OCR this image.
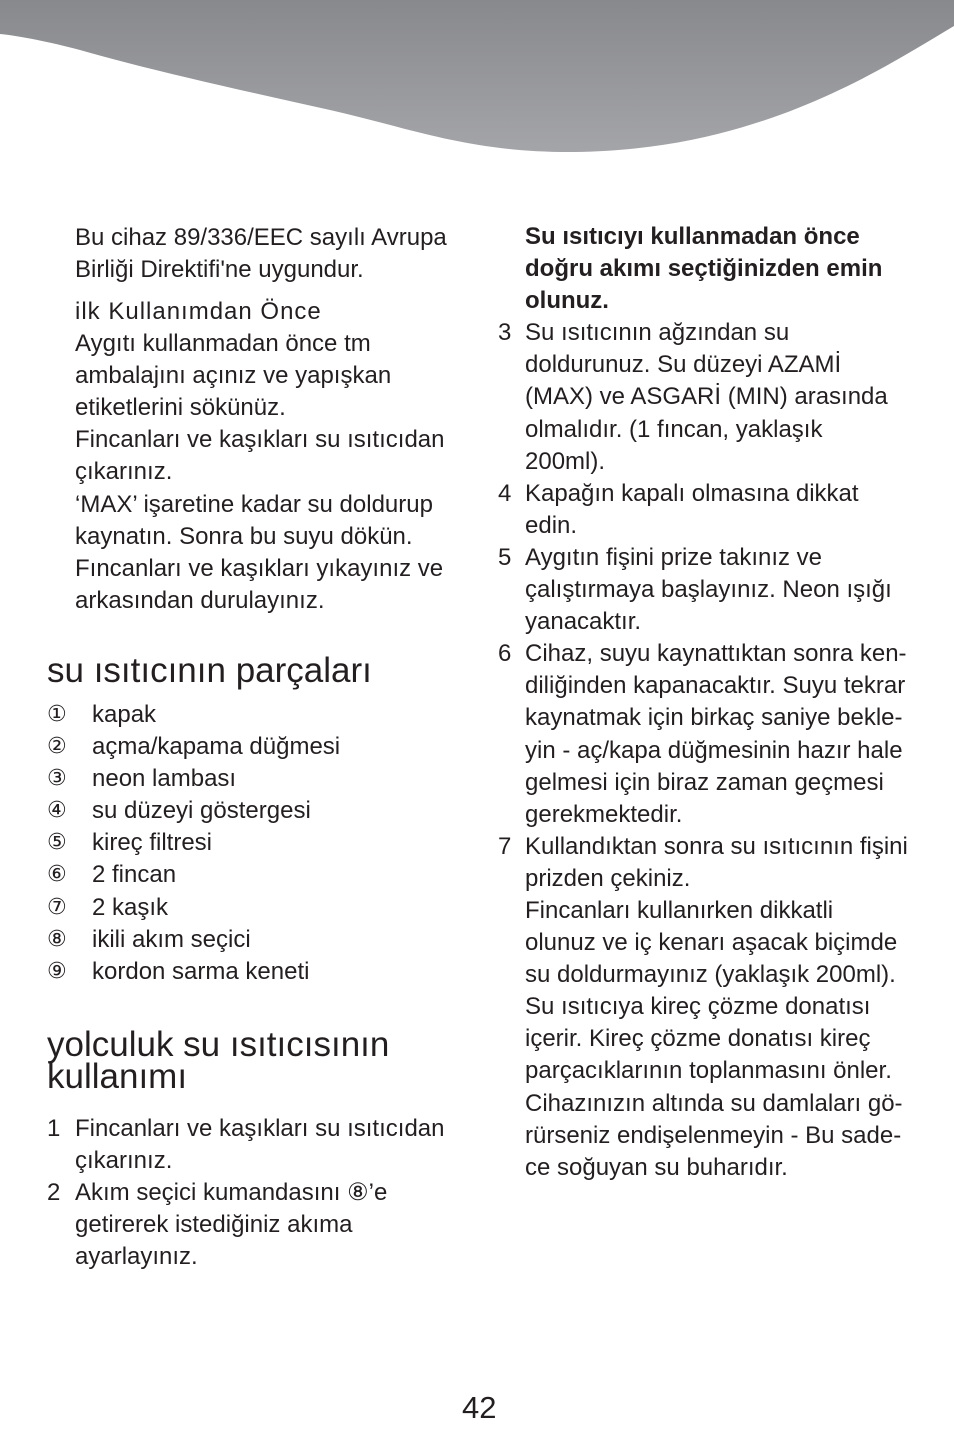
Bu cihaz 89/336/EEC sayılı Avrupa
Birliği Direktifi'ne uygundur.
ilk Kullanımdan Önce
Aygıtı kullanmadan önce tm
ambalajını açınız ve yapışkan
etiketlerini sökünüz.
Fincanları ve kaşıkları su ısıtıcıdan
çıkarınız.
‘MAX’ işaretine kadar su doldurup
kaynatın. Sonra bu suyu dökün.
Fıncanları ve kaşıkları yıkayınız ve
arkasından durulayınız.
su ısıtıcının parçaları
① kapak
② açma/kapama düğmesi
③ neon lambası
④ su düzeyi göstergesi
⑤ kireç filtresi
⑥ 2 fincan
⑦ 2 kaşık
⑧ ikili akım seçici
⑨ kordon sarma keneti
yolculuk su ısıtıcısının
kullanımı
1 Fincanları ve kaşıkları su ısıtıcıdan
çıkarınız.
2 Akım seçici kumandasını ⑧’e
getirerek istediğiniz akıma
ayarlayınız.
Su ısıtıcıyı kullanmadan önce
doğru akımı seçtiğinizden emin
olunuz.
3 Su ısıtıcının ağzından su
doldurunuz. Su düzeyi AZAMİ
(MAX) ve ASGARİ (MIN) arasında
olmalıdır. (1 fıncan, yaklaşık
200ml).
4 Kapağın kapalı olmasına dikkat
edin.
5 Aygıtın fişini prize takınız ve
çalıştırmaya başlayınız. Neon ışığı
yanacaktır.
6 Cihaz, suyu kaynattıktan sonra ken-
diliğinden kapanacaktır. Suyu tekrar
kaynatmak için birkaç saniye bekle-
yin - aç/kapa düğmesinin hazır hale
gelmesi için biraz zaman geçmesi
gerekmektedir.
7 Kullandıktan sonra su ısıtıcının fişini
prizden çekiniz.
Fincanları kullanırken dikkatli
olunuz ve iç kenarı aşacak biçimde
su doldurmayınız (yaklaşık 200ml).
Su ısıtıcıya kireç çözme donatısı
içerir. Kireç çözme donatısı kireç
parçacıklarının toplanmasını önler.
Cihazınızın altında su damlaları gö-
rürseniz endişelenmeyin - Bu sade-
ce soğuyan su buharıdır.
42
